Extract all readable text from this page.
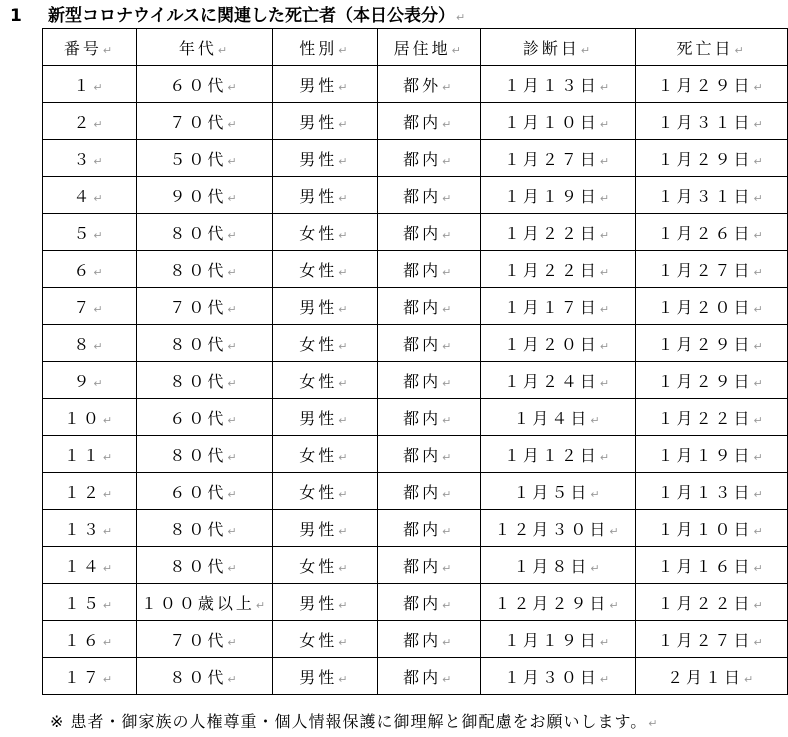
1 新型コロナウイルスに関連した死亡者（本日公表分）↵
番号↵	年代↵	性別↵	居住地↵	診断日↵	死亡日↵
１↵	６０代↵	男性↵	都外↵	１月１３日↵	１月２９日↵
２↵	７０代↵	男性↵	都内↵	１月１０日↵	１月３１日↵
３↵	５０代↵	男性↵	都内↵	１月２７日↵	１月２９日↵
４↵	９０代↵	男性↵	都内↵	１月１９日↵	１月３１日↵
５↵	８０代↵	女性↵	都内↵	１月２２日↵	１月２６日↵
６↵	８０代↵	女性↵	都内↵	１月２２日↵	１月２７日↵
７↵	７０代↵	男性↵	都内↵	１月１７日↵	１月２０日↵
８↵	８０代↵	女性↵	都内↵	１月２０日↵	１月２９日↵
９↵	８０代↵	女性↵	都内↵	１月２４日↵	１月２９日↵
１０↵	６０代↵	男性↵	都内↵	１月４日↵	１月２２日↵
１１↵	８０代↵	女性↵	都内↵	１月１２日↵	１月１９日↵
１２↵	６０代↵	女性↵	都内↵	１月５日↵	１月１３日↵
１３↵	８０代↵	男性↵	都内↵	１２月３０日↵	１月１０日↵
１４↵	８０代↵	女性↵	都内↵	１月８日↵	１月１６日↵
１５↵	１００歳以上↵	男性↵	都内↵	１２月２９日↵	１月２２日↵
１６↵	７０代↵	女性↵	都内↵	１月１９日↵	１月２７日↵
１７↵	８０代↵	男性↵	都内↵	１月３０日↵	２月１日↵
※ 患者・御家族の人権尊重・個人情報保護に御理解と御配慮をお願いします。↵
